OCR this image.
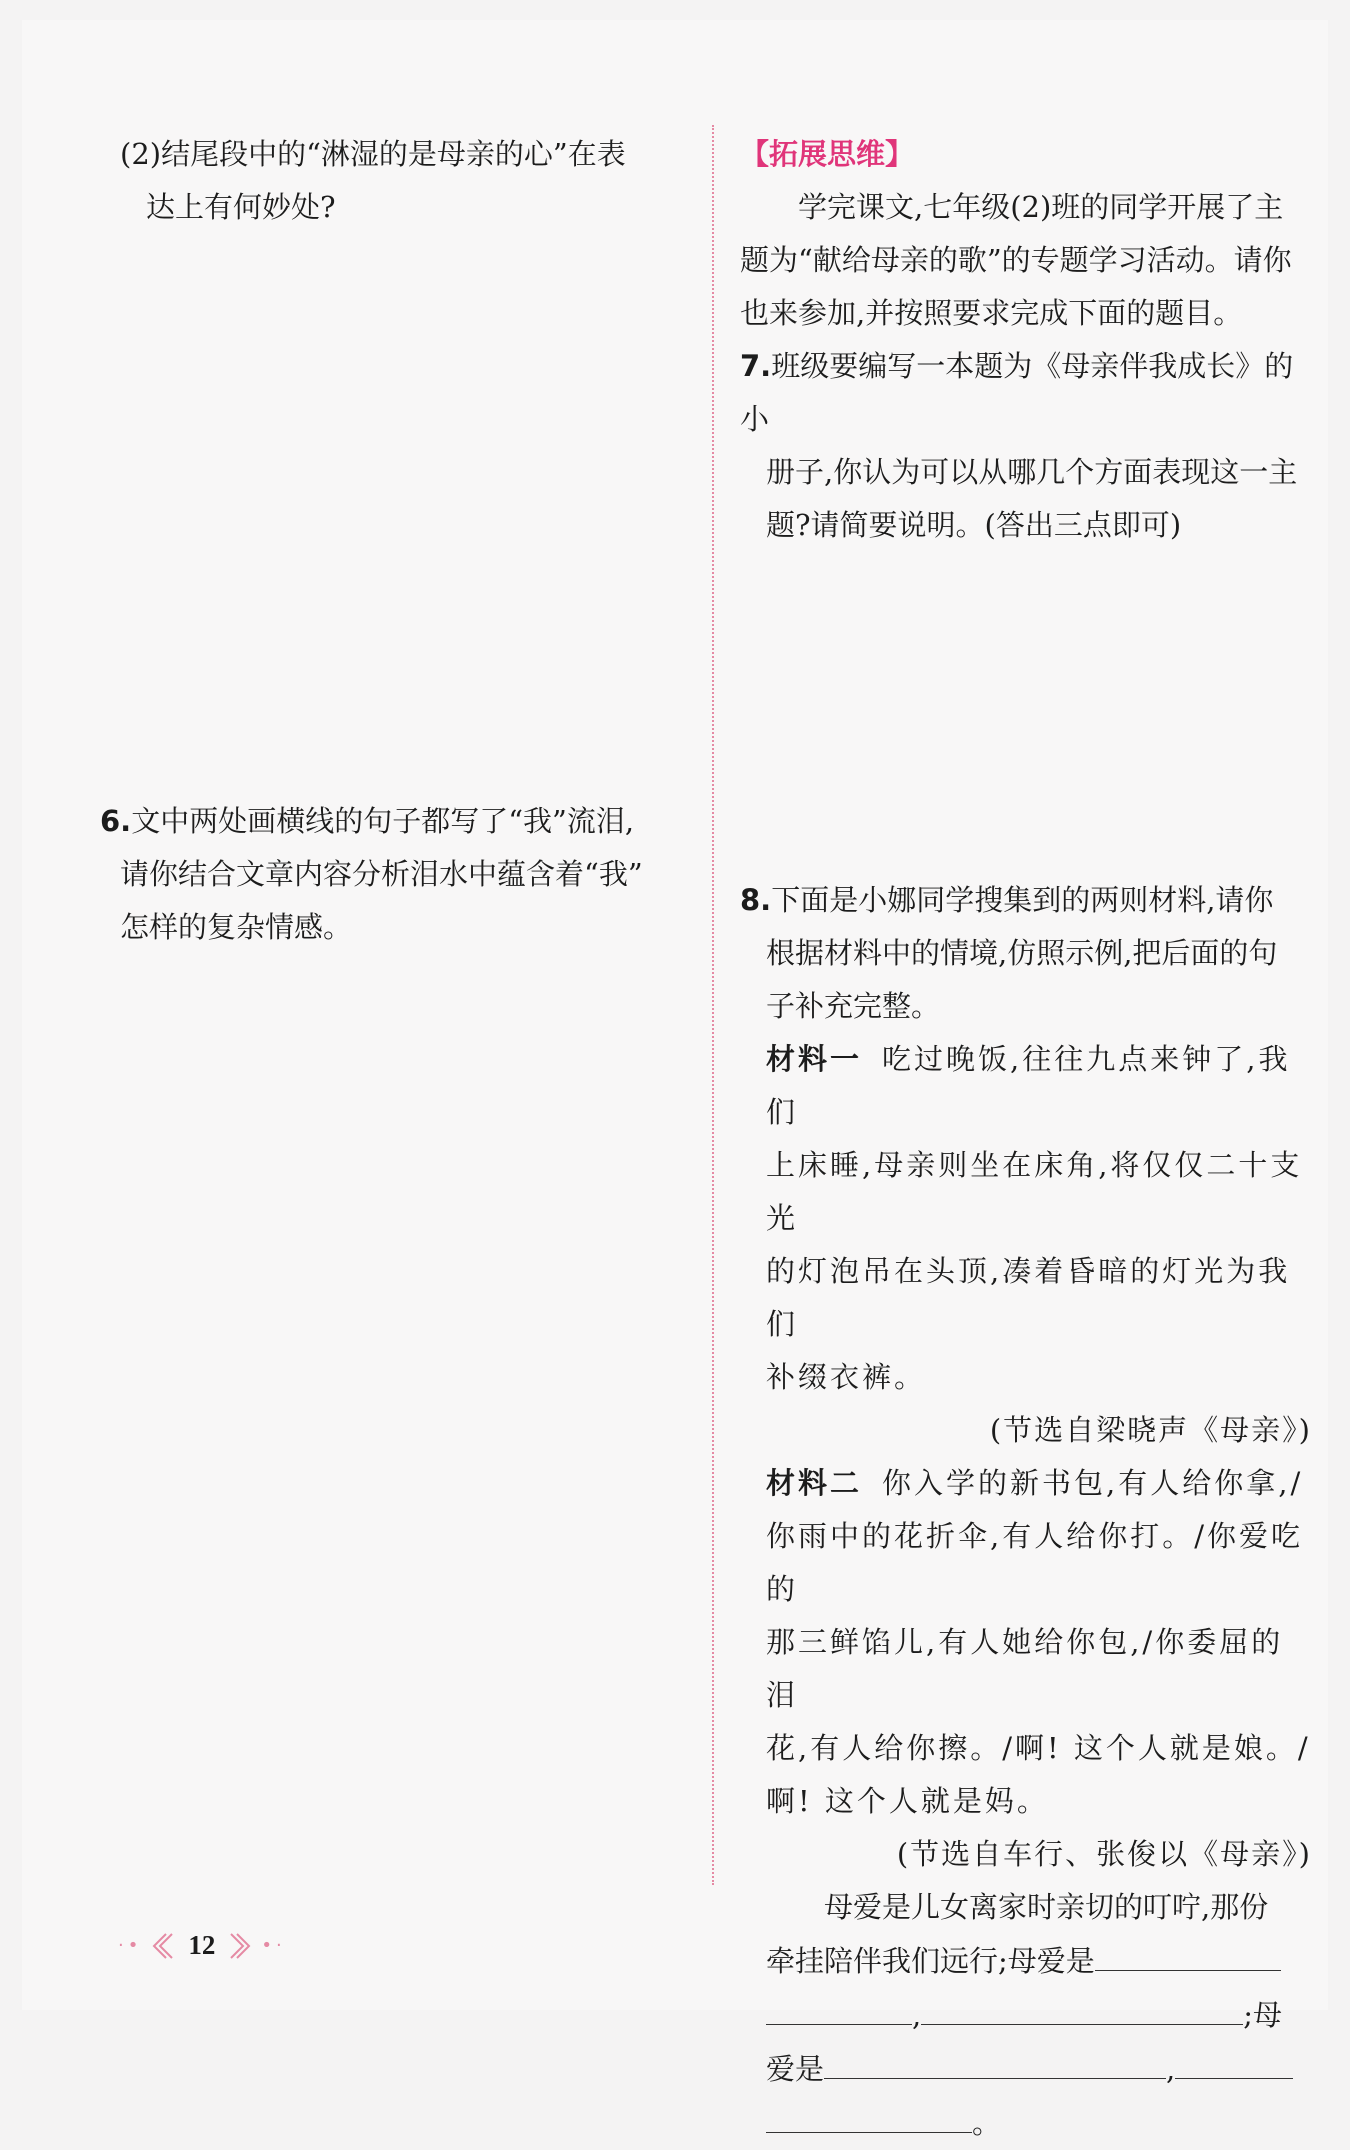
(2)结尾段中的“淋湿的是母亲的心”在表

达上有何妙处?

6.文中两处画横线的句子都写了“我”流泪,

请你结合文章内容分析泪水中蕴含着“我”

怎样的复杂情感。

【拓展思维】

学完课文,七年级(2)班的同学开展了主

题为“献给母亲的歌”的专题学习活动。请你

也来参加,并按照要求完成下面的题目。

7.班级要编写一本题为《母亲伴我成长》的小

册子,你认为可以从哪几个方面表现这一主

题?请简要说明。(答出三点即可)

8.下面是小娜同学搜集到的两则材料,请你

根据材料中的情境,仿照示例,把后面的句

子补充完整。

材料一 吃过晚饭,往往九点来钟了,我们

上床睡,母亲则坐在床角,将仅仅二十支光

的灯泡吊在头顶,凑着昏暗的灯光为我们

补缀衣裤。

(节选自梁晓声《母亲》)

材料二 你入学的新书包,有人给你拿,/

你雨中的花折伞,有人给你打。/你爱吃的

那三鲜馅儿,有人她给你包,/你委屈的泪

花,有人给你擦。/啊! 这个人就是娘。/

啊! 这个人就是妈。

(节选自车行、张俊以《母亲》)

母爱是儿女离家时亲切的叮咛,那份

牵挂陪伴我们远行;母爱是

,	;母

爱是	,

。

·• 12	•·
